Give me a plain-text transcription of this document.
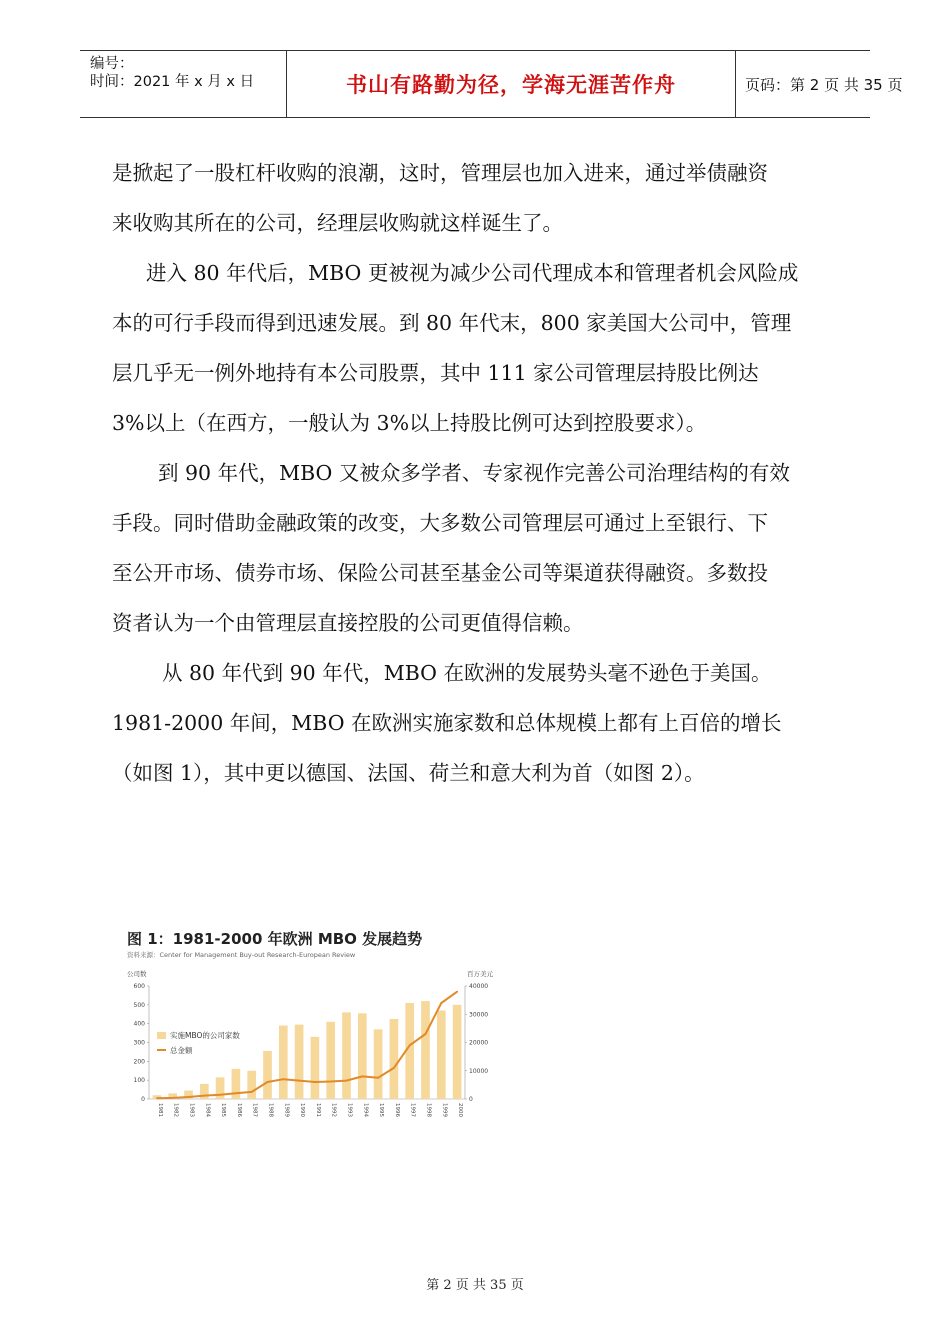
编号：
时间：2021 年 x 月 x 日	书山有路勤为径，学海无涯苦作舟	页码：第 2 页 共 35 页

是掀起了一股杠杆收购的浪潮，这时，管理层也加入进来，通过举债融资
来收购其所在的公司，经理层收购就这样诞生了。

进入 80 年代后，MBO 更被视为减少公司代理成本和管理者机会风险成
本的可行手段而得到迅速发展。到 80 年代末，800 家美国大公司中，管理
层几乎无一例外地持有本公司股票，其中 111 家公司管理层持股比例达
3%以上（在西方，一般认为 3%以上持股比例可达到控股要求）。

到 90 年代，MBO 又被众多学者、专家视作完善公司治理结构的有效
手段。同时借助金融政策的改变，大多数公司管理层可通过上至银行、下
至公开市场、债券市场、保险公司甚至基金公司等渠道获得融资。多数投
资者认为一个由管理层直接控股的公司更值得信赖。

从 80 年代到 90 年代，MBO 在欧洲的发展势头毫不逊色于美国。
1981-2000 年间，MBO 在欧洲实施家数和总体规模上都有上百倍的增长
（如图 1），其中更以德国、法国、荷兰和意大利为首（如图 2）。

图 1：1981-2000 年欧洲 MBO 发展趋势
资料来源：Center for Management Buy-out Research-European Review
公司数	百万美元
0
100
200
300
400
500
600
0
10000
20000
30000
40000
1981 1982 1983 1984 1985 1986 1987 1988 1989 1990 1991 1992 1993 1994 1995 1996 1997 1998 1999 2000
实施MBO的公司家数
总金额
第 2 页 共 35 页
